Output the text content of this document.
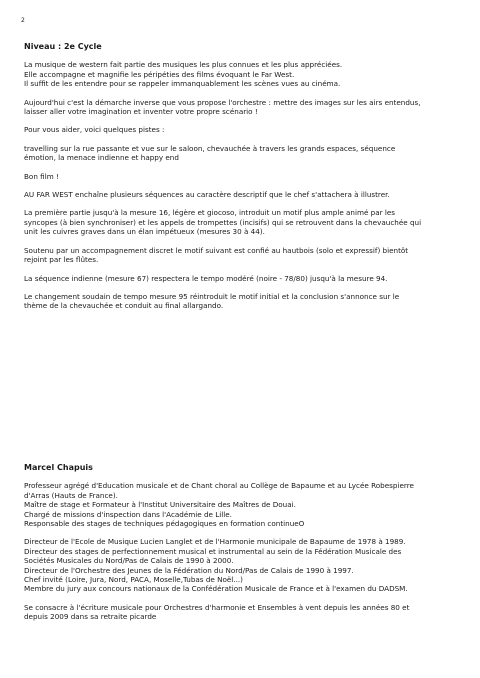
2
Niveau : 2e Cycle

La musique de western fait partie des musiques les plus connues et les plus appréciées.
Elle accompagne et magnifie les péripéties des films évoquant le Far West.
Il suffit de les entendre pour se rappeler immanquablement les scènes vues au cinéma.

Aujourd'hui c'est la démarche inverse que vous propose l'orchestre : mettre des images sur les airs entendus,
laisser aller votre imagination et inventer votre propre scénario !

Pour vous aider, voici quelques pistes :

travelling sur la rue passante et vue sur le saloon, chevauchée à travers les grands espaces, séquence
émotion, la menace indienne et happy end

Bon film !

AU FAR WEST enchaîne plusieurs séquences au caractère descriptif que le chef s'attachera à illustrer.

La première partie jusqu'à la mesure 16, légère et giocoso, introduit un motif plus ample animé par les
syncopes (à bien synchroniser) et les appels de trompettes (incisifs) qui se retrouvent dans la chevauchée qui
unit les cuivres graves dans un élan impétueux (mesures 30 à 44).

Soutenu par un accompagnement discret le motif suivant est confié au hautbois (solo et expressif) bientôt
rejoint par les flûtes.

La séquence indienne (mesure 67) respectera le tempo modéré (noire - 78/80) jusqu'à la mesure 94.

Le changement soudain de tempo mesure 95 réintroduit le motif initial et la conclusion s'annonce sur le
thème de la chevauchée et conduit au final allargando.

Marcel Chapuis

Professeur agrégé d'Education musicale et de Chant choral au Collège de Bapaume et au Lycée Robespierre
d'Arras (Hauts de France).
Maître de stage et Formateur à l'Institut Universitaire des Maîtres de Douai.
Chargé de missions d'inspection dans l'Académie de Lille.
Responsable des stages de techniques pédagogiques en formation continueO

Directeur de l'Ecole de Musique Lucien Langlet et de l'Harmonie municipale de Bapaume de 1978 à 1989.
Directeur des stages de perfectionnement musical et instrumental au sein de la Fédération Musicale des
Sociétés Musicales du Nord/Pas de Calais de 1990 à 2000.
Directeur de l'Orchestre des Jeunes de la Fédération du Nord/Pas de Calais de 1990 à 1997.
Chef invité (Loire, Jura, Nord, PACA, Moselle,Tubas de Noël...)
Membre du jury aux concours nationaux de la Confédération Musicale de France et à l'examen du DADSM.

Se consacre à l'écriture musicale pour Orchestres d'harmonie et Ensembles à vent depuis les années 80 et
depuis 2009 dans sa retraite picarde
